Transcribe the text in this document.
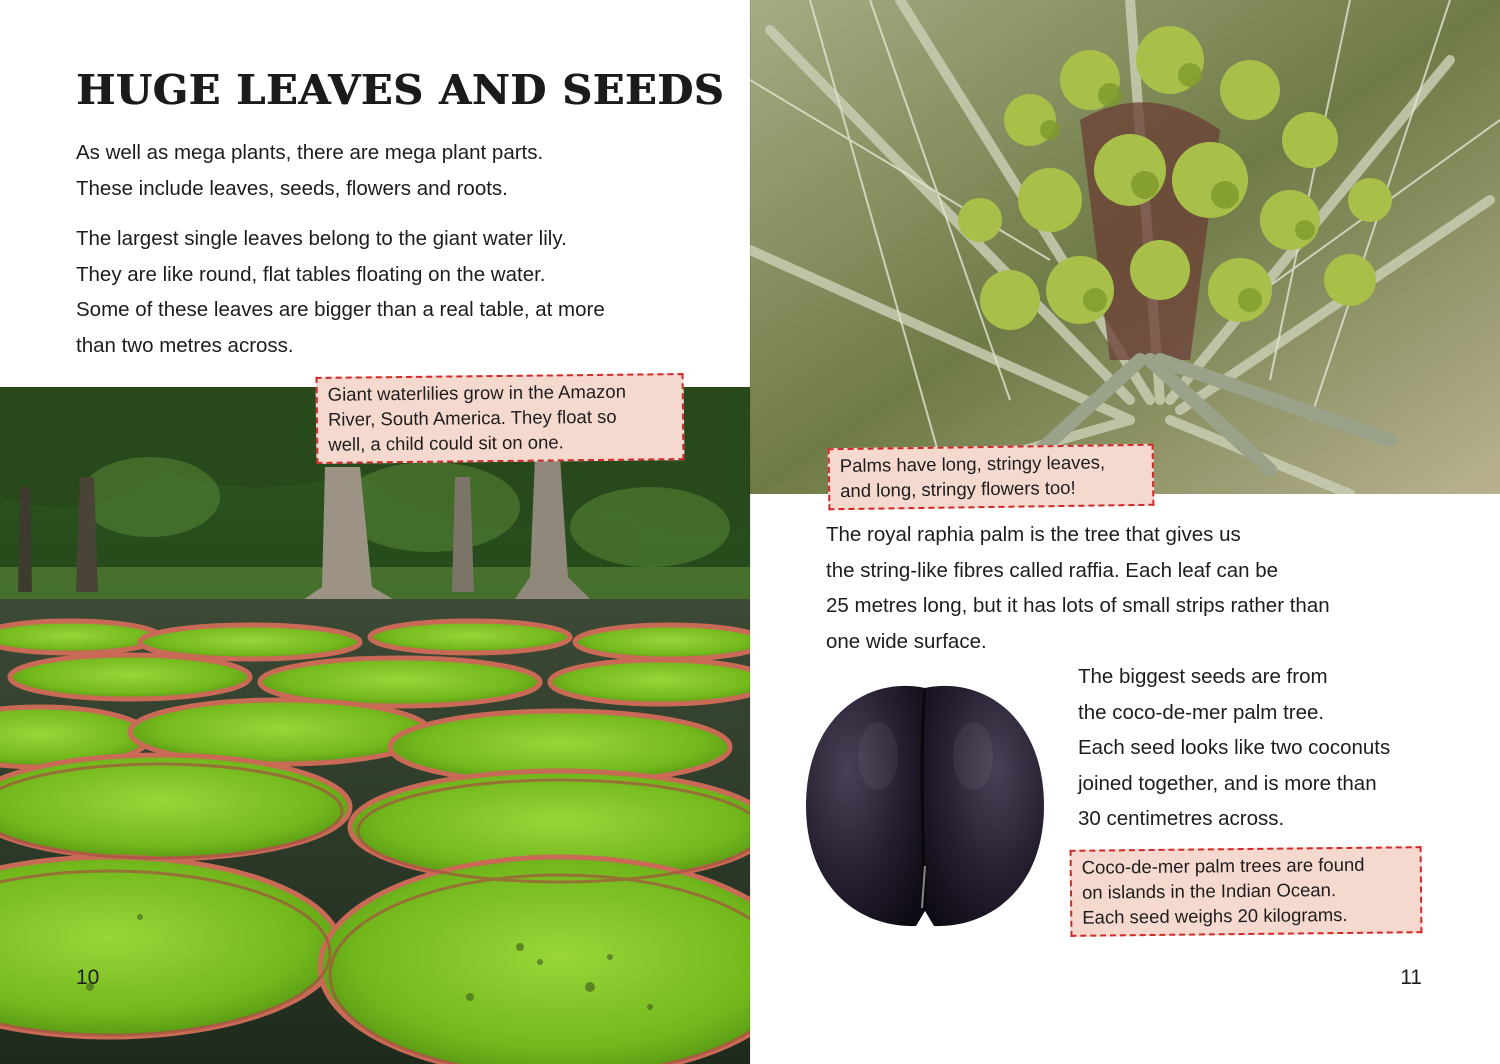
HUGE LEAVES AND SEEDS

As well as mega plants, there are mega plant parts.
These include leaves, seeds, flowers and roots.

The largest single leaves belong to the giant water lily.
They are like round, flat tables floating on the water.
Some of these leaves are bigger than a real table, at more
than two metres across.

Giant waterlilies grow in the Amazon
River, South America. They float so
well, a child could sit on one.
10
Palms have long, stringy leaves,
and long, stringy flowers too!

The royal raphia palm is the tree that gives us
the string-like fibres called raffia. Each leaf can be
25 metres long, but it has lots of small strips rather than
one wide surface.

The biggest seeds are from
the coco-de-mer palm tree.
Each seed looks like two coconuts
joined together, and is more than
30 centimetres across.

Coco-de-mer palm trees are found
on islands in the Indian Ocean.
Each seed weighs 20 kilograms.
11
